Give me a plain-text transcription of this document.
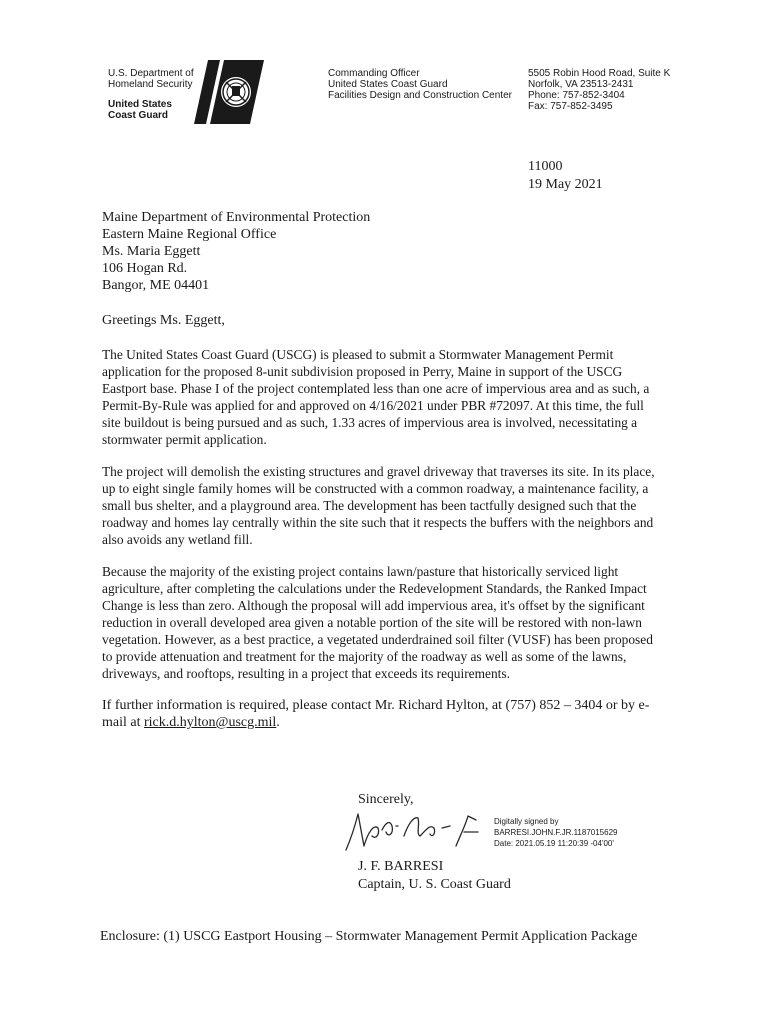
U.S. Department of
Homeland Security
United States
Coast Guard
Commanding Officer
United States Coast Guard
Facilities Design and Construction Center
5505 Robin Hood Road, Suite K
Norfolk, VA 23513-2431
Phone: 757-852-3404
Fax: 757-852-3495
11000
19 May 2021
Maine Department of Environmental Protection
Eastern Maine Regional Office
Ms. Maria Eggett
106 Hogan Rd.
Bangor, ME 04401
Greetings Ms. Eggett,

The United States Coast Guard (USCG) is pleased to submit a Stormwater Management Permit application for the proposed 8-unit subdivision proposed in Perry, Maine in support of the USCG Eastport base. Phase I of the project contemplated less than one acre of impervious area and as such, a Permit-By-Rule was applied for and approved on 4/16/2021 under PBR #72097. At this time, the full site buildout is being pursued and as such, 1.33 acres of impervious area is involved, necessitating a stormwater permit application.

The project will demolish the existing structures and gravel driveway that traverses its site. In its place, up to eight single family homes will be constructed with a common roadway, a maintenance facility, a small bus shelter, and a playground area. The development has been tactfully designed such that the roadway and homes lay centrally within the site such that it respects the buffers with the neighbors and also avoids any wetland fill.

Because the majority of the existing project contains lawn/pasture that historically serviced light agriculture, after completing the calculations under the Redevelopment Standards, the Ranked Impact Change is less than zero. Although the proposal will add impervious area, it's offset by the significant reduction in overall developed area given a notable portion of the site will be restored with non-lawn vegetation. However, as a best practice, a vegetated underdrained soil filter (VUSF) has been proposed to provide attenuation and treatment for the majority of the roadway as well as some of the lawns, driveways, and rooftops, resulting in a project that exceeds its requirements.

If further information is required, please contact Mr. Richard Hylton, at (757) 852 – 3404 or by e-mail at rick.d.hylton@uscg.mil.

Sincerely,
Digitally signed by
BARRESI.JOHN.F.JR.1187015629
Date: 2021.05.19 11:20:39 -04'00'
J. F. BARRESI
Captain, U. S. Coast Guard
Enclosure: (1) USCG Eastport Housing – Stormwater Management Permit Application Package
